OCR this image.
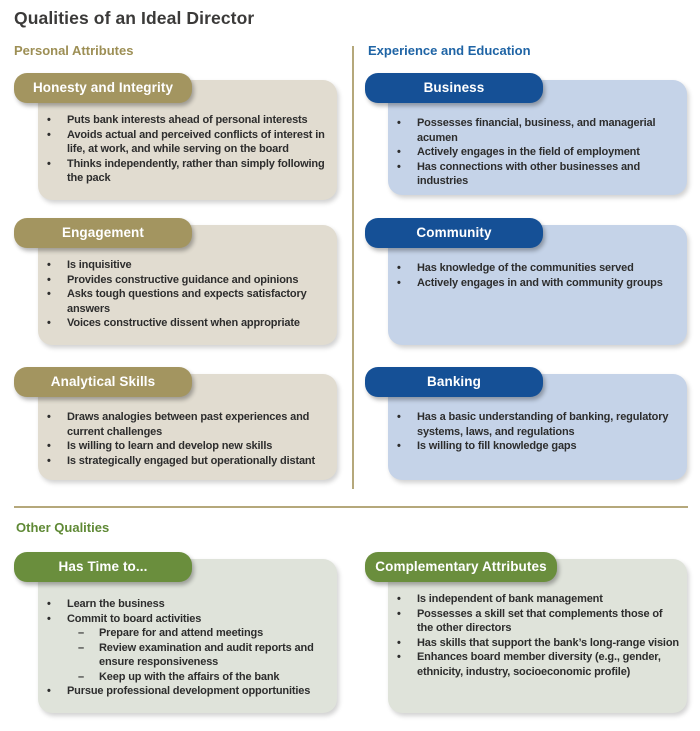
Qualities of an Ideal Director
Personal Attributes	Experience and Education
• Puts bank interests ahead of personal interests
• Avoids actual and perceived conflicts of interest in life, at work, and while serving on the board
• Thinks independently, rather than simply following the pack
Honesty and Integrity
• Is inquisitive
• Provides constructive guidance and opinions
• Asks tough questions and expects satisfactory answers
• Voices constructive dissent when appropriate
Engagement
• Draws analogies between past experiences and current challenges
• Is willing to learn and develop new skills
• Is strategically engaged but operationally distant
Analytical Skills
• Possesses financial, business, and managerial acumen
• Actively engages in the field of employment
• Has connections with other businesses and industries
Business
• Has knowledge of the communities served
• Actively engages in and with community groups
Community
• Has a basic understanding of banking, regulatory systems, laws, and regulations
• Is willing to fill knowledge gaps
Banking
Other Qualities
• Learn the business
• Commit to board activities
– Prepare for and attend meetings
– Review examination and audit reports and ensure responsiveness
– Keep up with the affairs of the bank
• Pursue professional development opportunities
Has Time to...
• Is independent of bank management
• Possesses a skill set that complements those of the other directors
• Has skills that support the bank’s long-range vision
• Enhances board member diversity (e.g., gender, ethnicity, industry, socioeconomic profile)
Complementary Attributes
